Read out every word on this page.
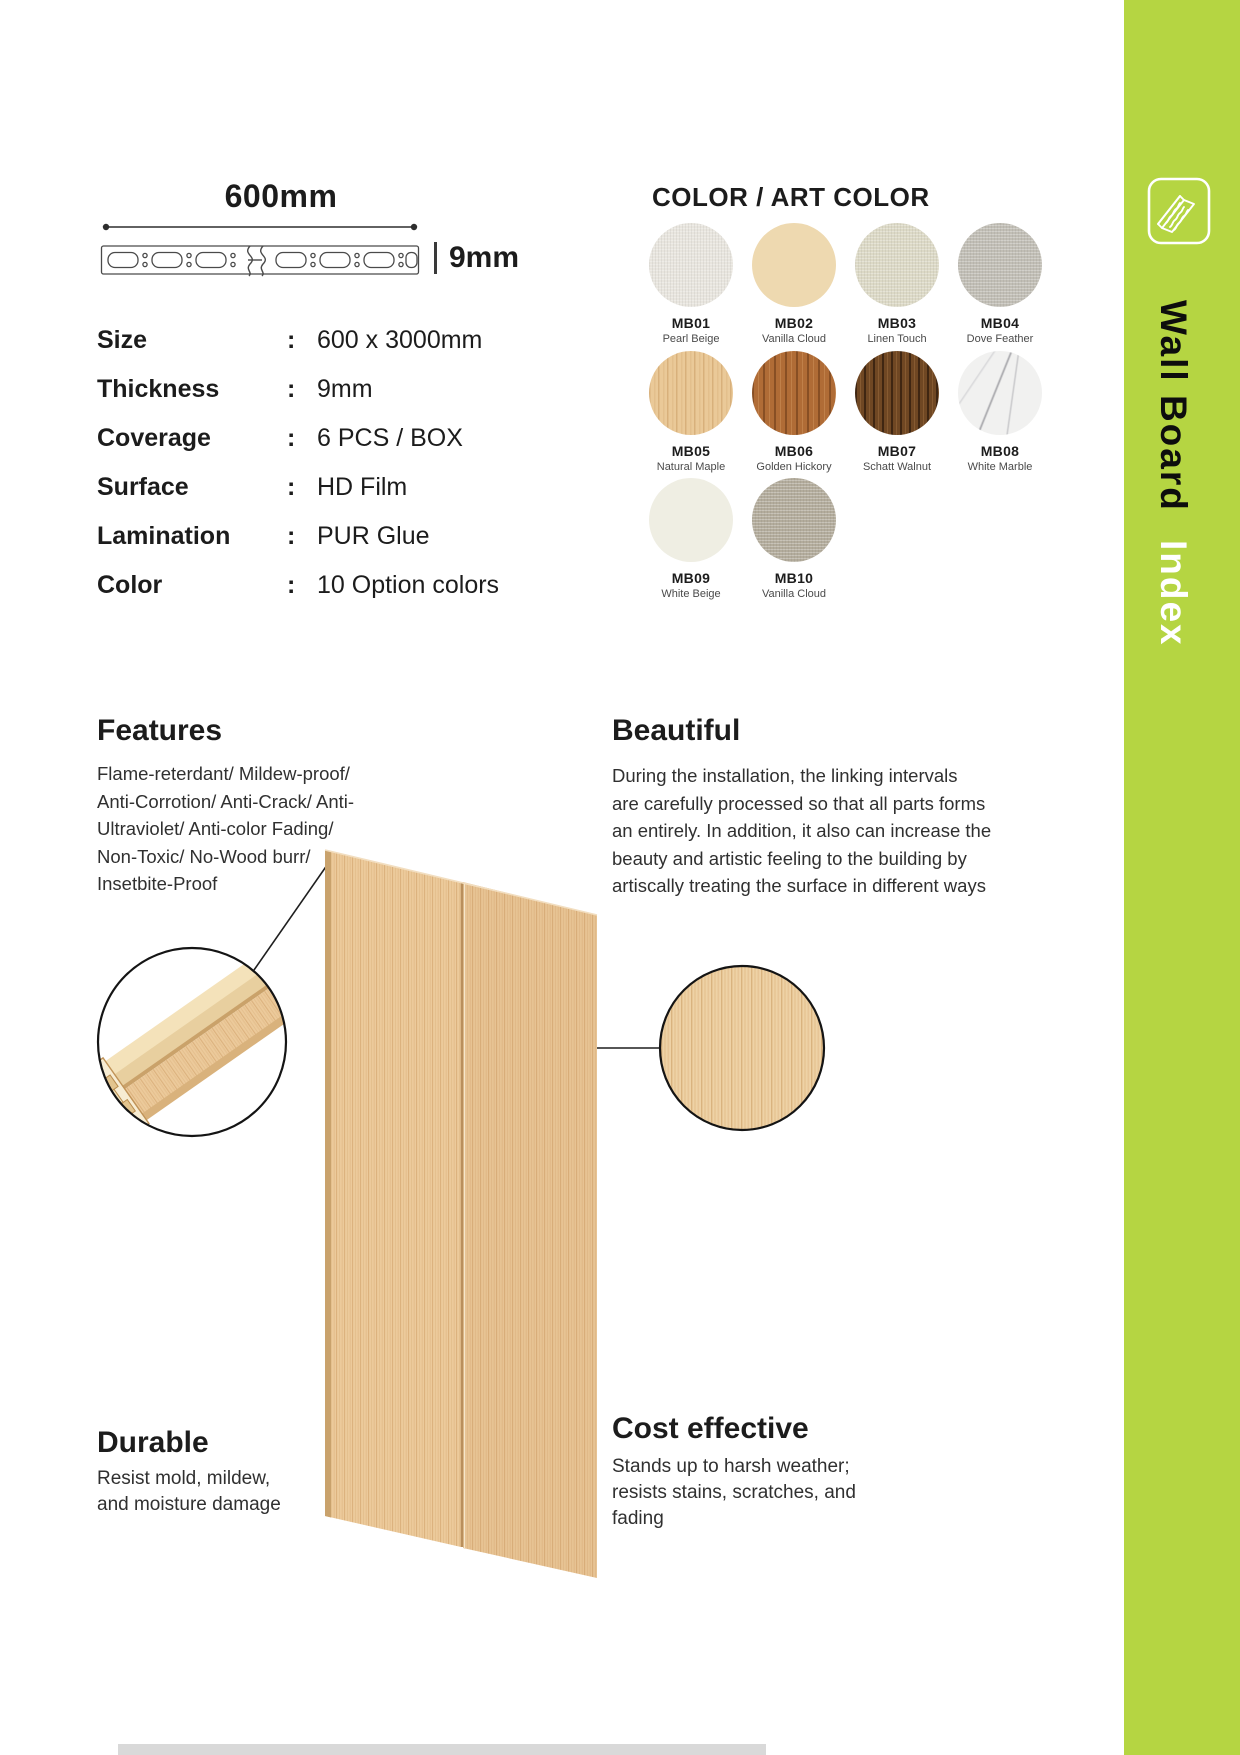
600mm
9mm
Size	: 600 x 3000mm
Thickness	: 9mm
Coverage	: 6 PCS / BOX
Surface	: HD Film
Lamination	: PUR Glue
Color	: 10 Option colors
COLOR / ART COLOR
MB01
Pearl Beige
MB02
Vanilla Cloud
MB03
Linen Touch
MB04
Dove Feather
MB05
Natural Maple
MB06
Golden Hickory
MB07
Schatt Walnut
MB08
White Marble
MB09
White Beige
MB10
Vanilla Cloud
Features
Flame-reterdant/ Mildew-proof/
Anti-Corrotion/ Anti-Crack/ Anti-
Ultraviolet/ Anti-color Fading/
Non-Toxic/ No-Wood burr/
Insetbite-Proof
Beautiful
During the installation, the linking intervals
are carefully processed so that all parts forms
an entirely. In addition, it also can increase the
beauty and artistic feeling to the building by
artiscally treating the surface in different ways
Durable
Resist mold, mildew,
and moisture damage
Cost effective
Stands up to harsh weather;
resists stains, scratches, and
fading
Wall Board Index
